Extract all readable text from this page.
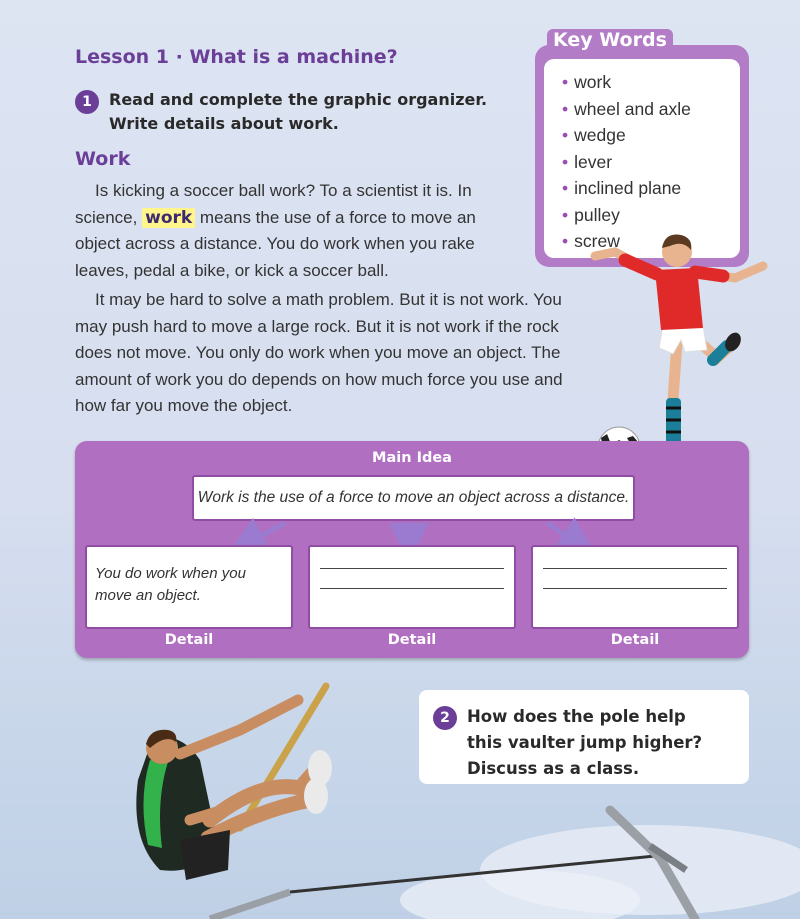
Lesson 1 · What is a machine?
1	Read and complete the graphic organizer.
Write details about work.
Work

Is kicking a soccer ball work? To a scientist it is. In science, work means the use of a force to move an object across a distance. You do work when you rake leaves, pedal a bike, or kick a soccer ball.

It may be hard to solve a math problem. But it is not work. You may push hard to move a large rock. But it is not work if the rock does not move. You only do work when you move an object. The amount of work you do depends on how much force you use and how far you move the object.

Key Words
• work
• wheel and axle
• wedge
• lever
• inclined plane
• pulley
• screw
Main Idea
Work is the use of a force to move an object across a distance.
You do work when you move an object.
Detail	Detail	Detail
2	How does the pole help this vaulter jump higher? Discuss as a class.
